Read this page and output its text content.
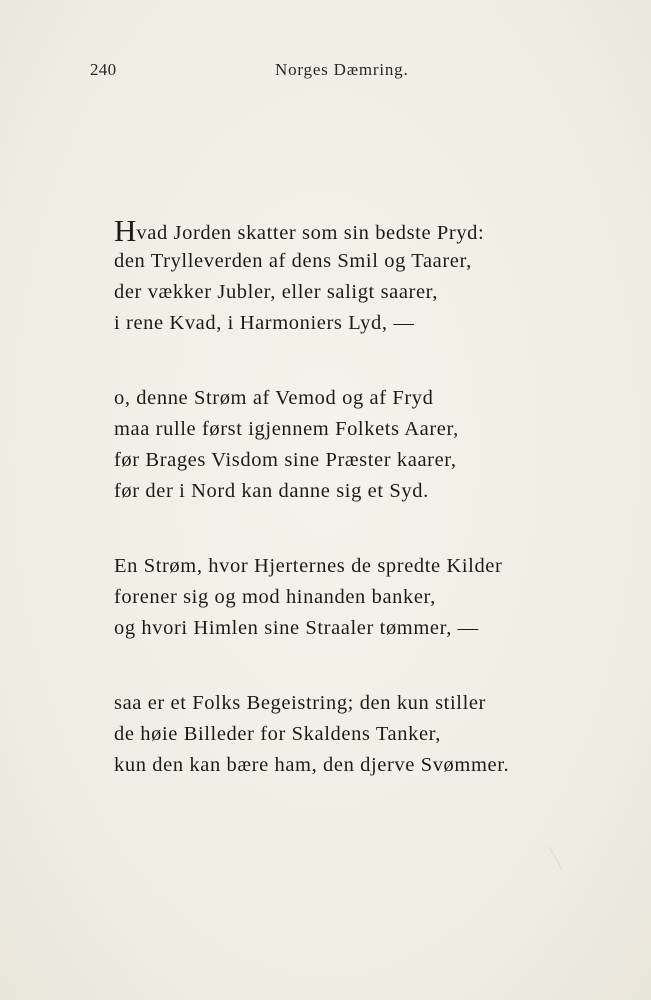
240	Norges Dæmring.
Hvad Jorden skatter som sin bedste Pryd:
den Trylleverden af dens Smil og Taarer,
der vækker Jubler, eller saligt saarer,
i rene Kvad, i Harmoniers Lyd, —
o, denne Strøm af Vemod og af Fryd
maa rulle først igjennem Folkets Aarer,
før Brages Visdom sine Præster kaarer,
før der i Nord kan danne sig et Syd.
En Strøm, hvor Hjerternes de spredte Kilder
forener sig og mod hinanden banker,
og hvori Himlen sine Straaler tømmer, —
saa er et Folks Begeistring; den kun stiller
de høie Billeder for Skaldens Tanker,
kun den kan bære ham, den djerve Svømmer.
